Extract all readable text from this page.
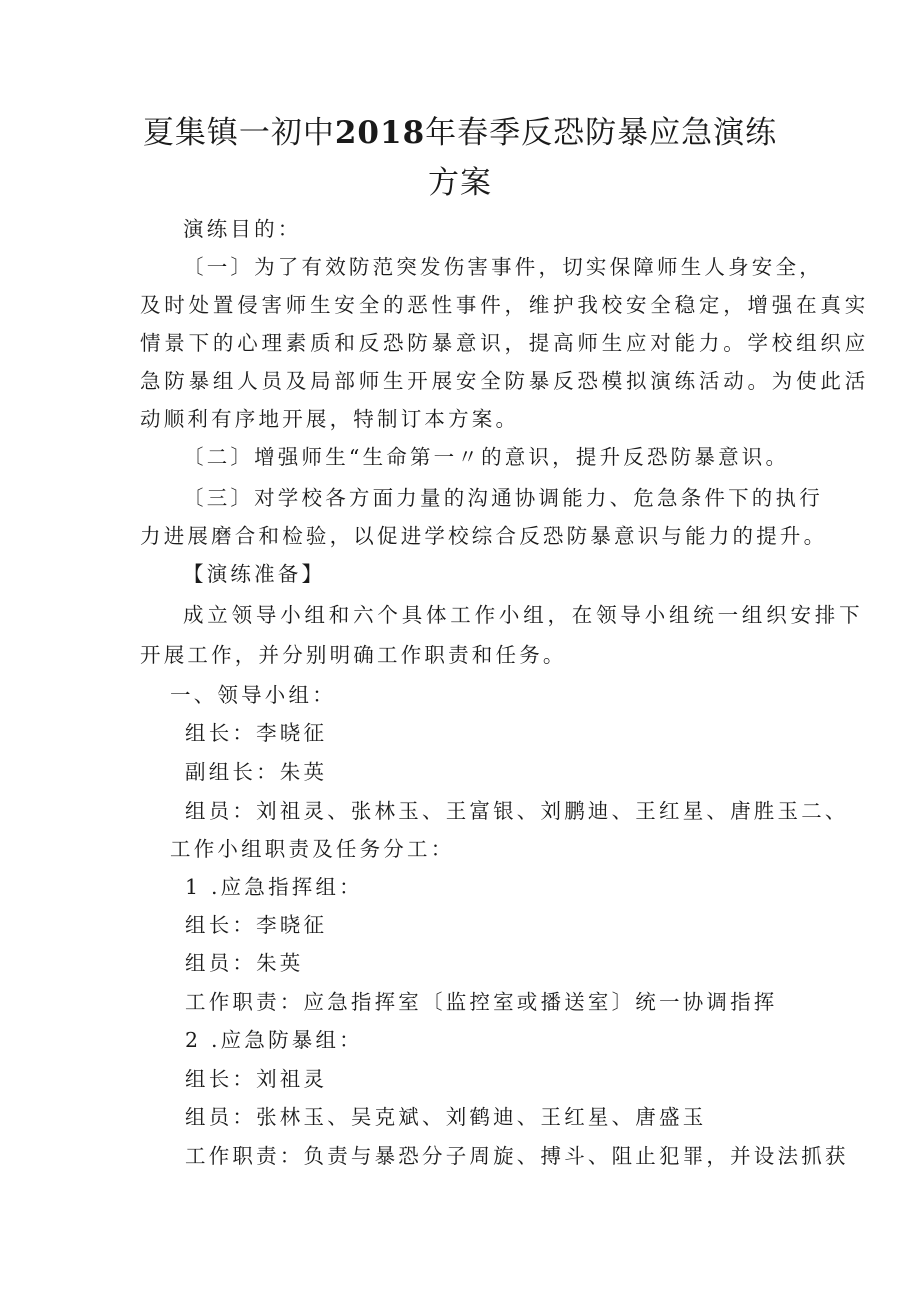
夏集镇一初中2018年春季反恐防暴应急演练
方案
演练目的：
〔一〕为了有效防范突发伤害事件，切实保障师生人身安全，
及时处置侵害师生安全的恶性事件，维护我校安全稳定，增强在真实
情景下的心理素质和反恐防暴意识，提高师生应对能力。学校组织应
急防暴组人员及局部师生开展安全防暴反恐模拟演练活动。为使此活
动顺利有序地开展，特制订本方案。
〔二〕增强师生“生命第一〃的意识，提升反恐防暴意识。
〔三〕对学校各方面力量的沟通协调能力、危急条件下的执行
力进展磨合和检验，以促进学校综合反恐防暴意识与能力的提升。
【演练准备】
成立领导小组和六个具体工作小组，在领导小组统一组织安排下
开展工作，并分别明确工作职责和任务。
一、领导小组：
组长：李晓征
副组长：朱英
组员：刘祖灵、张林玉、王富银、刘鹏迪、王红星、唐胜玉二、
工作小组职责及任务分工：
1 .应急指挥组：
组长：李晓征
组员：朱英
工作职责：应急指挥室〔监控室或播送室〕统一协调指挥
2 .应急防暴组：
组长：刘祖灵
组员：张林玉、吴克斌、刘鹤迪、王红星、唐盛玉
工作职责：负责与暴恐分子周旋、搏斗、阻止犯罪，并设法抓获
